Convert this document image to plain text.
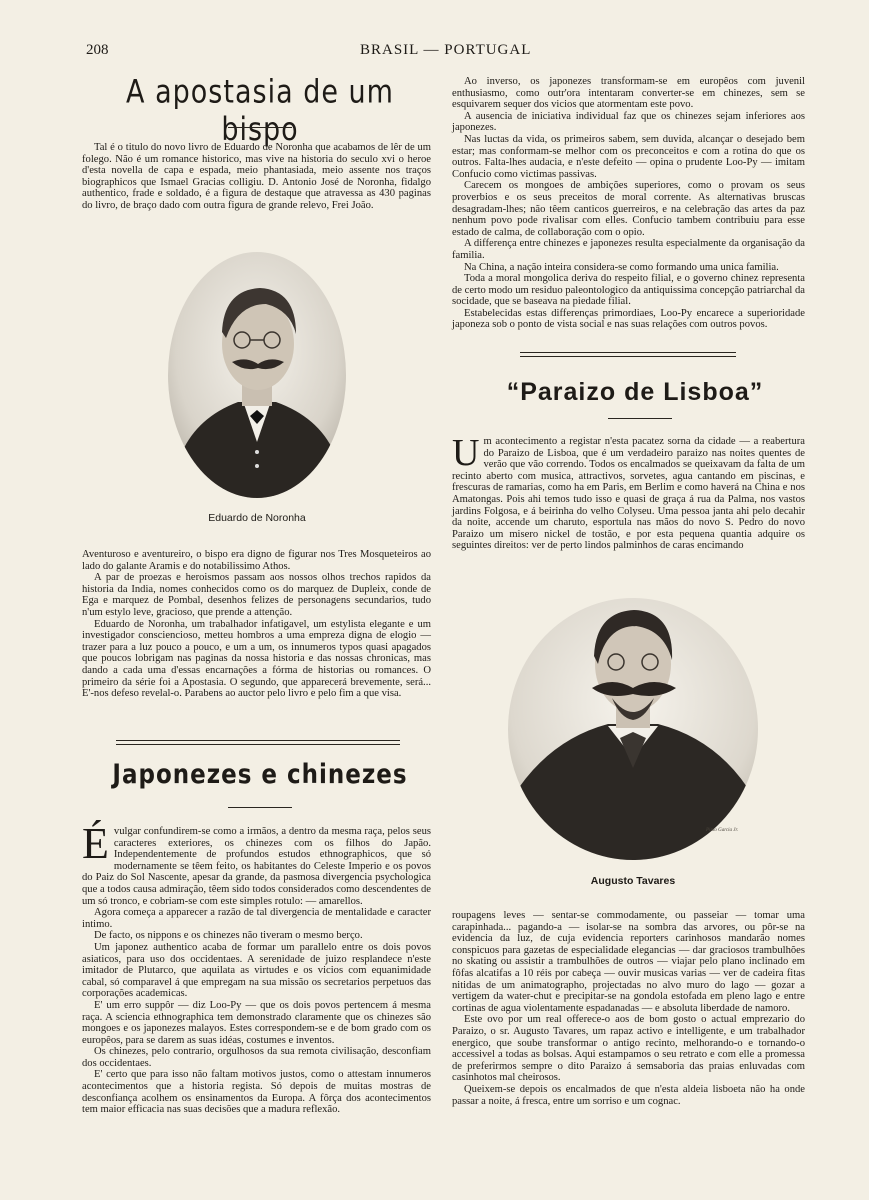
208	BRASIL — PORTUGAL
A apostasia de um bispo

Tal é o titulo do novo livro de Eduardo de Noronha que acabamos de lêr de um folego. Não é um romance historico, mas vive na historia do seculo xvi o heroe d'esta novella de capa e espada, meio phantasiada, meio assente nos traços biographicos que Ismael Gracias colligiu. D. Antonio José de Noronha, fidalgo authentico, frade e soldado, é a figura de destaque que atravessa as 430 paginas do livro, de braço dado com outra figura de grande relevo, Frei João.

Eduardo de Noronha

Aventuroso e aventureiro, o bispo era digno de figurar nos Tres Mosqueteiros ao lado do galante Aramis e do notabilissimo Athos.

A par de proezas e heroismos passam aos nossos olhos trechos rapidos da historia da India, nomes conhecidos como os do marquez de Dupleix, conde de Ega e marquez de Pombal, desenhos felizes de personagens secundarios, tudo n'um estylo leve, gracioso, que prende a attenção.

Eduardo de Noronha, um trabalhador infatigavel, um estylista elegante e um investigador consciencioso, metteu hombros a uma empreza digna de elogio — trazer para a luz pouco a pouco, e um a um, os innumeros typos quasi apagados que poucos lobrigam nas paginas da nossa historia e das nossas chronicas, mas dando a cada uma d'essas encarnações a fórma de historias ou romances. O primeiro da série foi a Apostasia. O segundo, que apparecerá brevemente, será... E'-nos defeso revelal-o. Parabens ao auctor pelo livro e pelo fim a que visa.

Japonezes e chinezes

Évulgar confundirem-se como a irmãos, a dentro da mesma raça, pelos seus caracteres exteriores, os chinezes com os filhos do Japão. Independentemente de profundos estudos ethnographicos, que só modernamente se têem feito, os habitantes do Celeste Imperio e os povos do Paiz do Sol Nascente, apesar da grande, da pasmosa divergencia psychologica que a todos causa admiração, têem sido todos considerados como descendentes de um só tronco, e cobriam-se com este simples rotulo: — amarellos.

Agora começa a apparecer a razão de tal divergencia de mentalidade e caracter intimo.

De facto, os nippons e os chinezes não tiveram o mesmo berço.

Um japonez authentico acaba de formar um parallelo entre os dois povos asiaticos, para uso dos occidentaes. A serenidade de juizo resplandece n'este imitador de Plutarco, que aquilata as virtudes e os vicios com equanimidade cabal, só comparavel á que empregam na sua missão os secretarios perpetuos das corporações academicas.

E' um erro suppôr — diz Loo-Py — que os dois povos pertencem á mesma raça. A sciencia ethnographica tem demonstrado claramente que os chinezes são mongoes e os japonezes malayos. Estes correspondem-se e de bom grado com os europêos, para se darem as suas idéas, costumes e inventos.

Os chinezes, pelo contrario, orgulhosos da sua remota civilisação, desconfiam dos occidentaes.

E' certo que para isso não faltam motivos justos, como o attestam innumeros acontecimentos que a historia regista. Só depois de muitas mostras de desconfiança acolhem os ensinamentos da Europa. A fôrça dos acontecimentos tem maior efficacia nas suas decisões que a madura reflexão.

Ao inverso, os japonezes transformam-se em europêos com juvenil enthusiasmo, como outr'ora intentaram converter-se em chinezes, sem se esquivarem sequer dos vicios que atormentam este povo.

A ausencia de iniciativa individual faz que os chinezes sejam inferiores aos japonezes.

Nas luctas da vida, os primeiros sabem, sem duvida, alcançar o desejado bem estar; mas conformam-se melhor com os preconceitos e com a rotina do que os outros. Falta-lhes audacia, e n'este defeito — opina o prudente Loo-Py — imitam Confucio como victimas passivas.

Carecem os mongoes de ambições superiores, como o provam os seus proverbios e os seus preceitos de moral corrente. As alternativas bruscas desagradam-lhes; não têem canticos guerreiros, e na celebração das artes da paz nenhum povo pode rivalisar com elles. Confucio tambem contribuiu para esse estado de calma, de collaboração com o opio.

A differença entre chinezes e japonezes resulta especialmente da organisação da familia.

Na China, a nação inteira considera-se como formando uma unica familia.

Toda a moral mongolica deriva do respeito filial, e o governo chinez representa de certo modo um residuo paleontologico da antiquissima concepção patriarchal da socidade, que se baseava na piedade filial.

Estabelecidas estas differenças primordiaes, Loo-Py encarece a superioridade japoneza sob o ponto de vista social e nas suas relações com outros povos.

“Paraizo de Lisboa”

Um acontecimento a registar n'esta pacatez sorna da cidade — a reabertura do Paraizo de Lisboa, que é um verdadeiro paraizo nas noites quentes de verão que vão correndo. Todos os encalmados se queixavam da falta de um recinto aberto com musica, attractivos, sorvetes, agua cantando em piscinas, e frescuras de ramarias, como ha em Paris, em Berlim e como haverá na China e nos Amatongas. Pois ahi temos tudo isso e quasi de graça á rua da Palma, nos vastos jardins Folgosa, e á beirinha do velho Colyseu. Uma pessoa janta ahi pelo decahir da noite, accende um charuto, esportula nas mãos do novo S. Pedro do novo Paraizo um misero nickel de tostão, e por esta pequena quantia adquire os seguintes direitos: ver de perto lindos palminhos de caras encimando

Pinto Garcia Jr.
Augusto Tavares

roupagens leves — sentar-se commodamente, ou passeiar — tomar uma carapinhada... pagando-a — isolar-se na sombra das arvores, ou pôr-se na evidencia da luz, de cuja evidencia reporters carinhosos mandarão nomes conspicuos para gazetas de especialidade elegancias — dar graciosos trambulhões no skating ou assistir a trambulhões de outros — viajar pelo plano inclinado em fôfas alcatifas a 10 réis por cabeça — ouvir musicas varias — ver de cadeira fitas nitidas de um animatographo, projectadas no alvo muro do lago — gozar a vertigem da water-chut e precipitar-se na gondola estofada em pleno lago e entre cortinas de agua violentamente espadanadas — e absoluta liberdade de namoro.

Este ovo por um real offerece-o aos de bom gosto o actual emprezario do Paraizo, o sr. Augusto Tavares, um rapaz activo e intelligente, e um trabalhador energico, que soube transformar o antigo recinto, melhorando-o e tornando-o accessivel a todas as bolsas. Aqui estampamos o seu retrato e com elle a promessa de preferirmos sempre o dito Paraizo á semsaboria das praias enluvadas com casinhotos mal cheirosos.

Queixem-se depois os encalmados de que n'esta aldeia lisboeta não ha onde passar a noite, á fresca, entre um sorriso e um cognac.
